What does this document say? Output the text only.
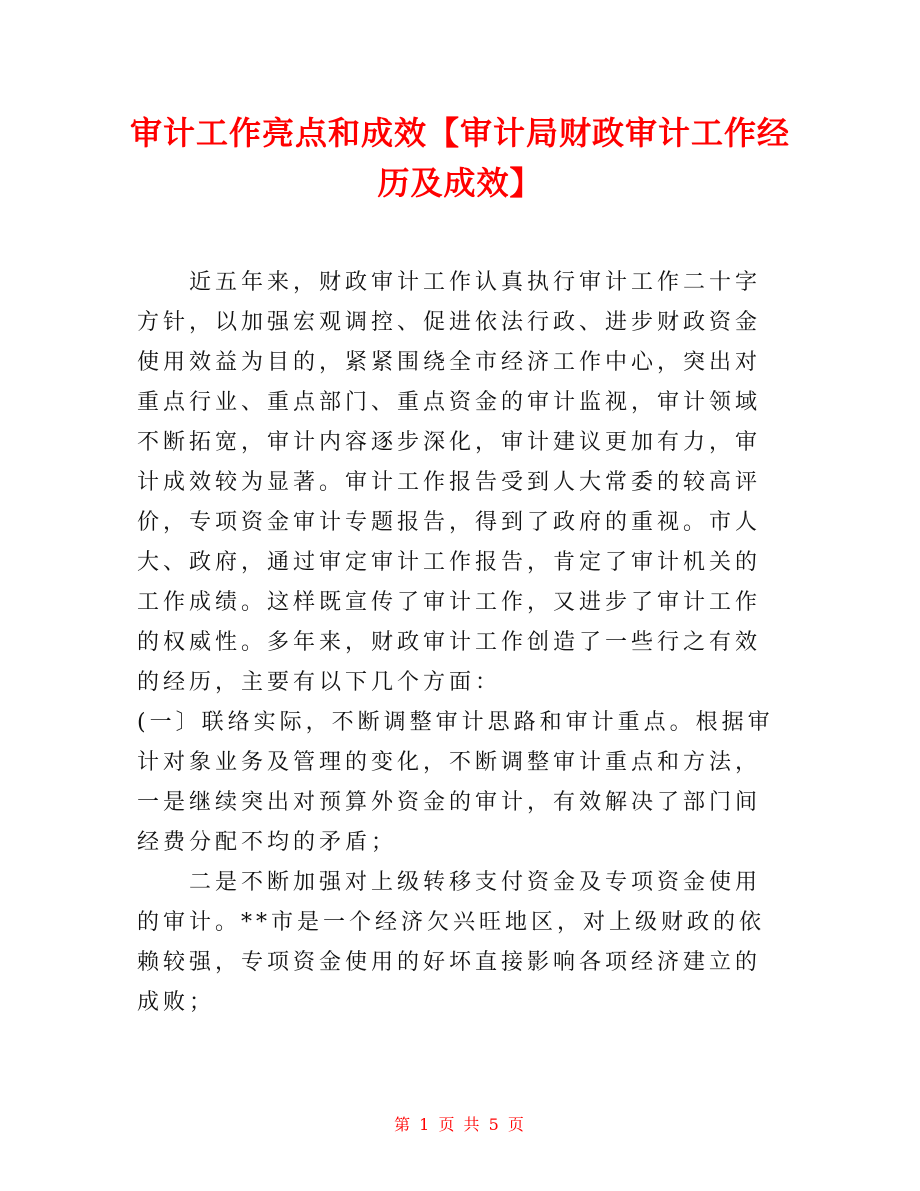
审计工作亮点和成效【审计局财政审计工作经历及成效】

近五年来，财政审计工作认真执行审计工作二十字方针，以加强宏观调控、促进依法行政、进步财政资金使用效益为目的，紧紧围绕全市经济工作中心，突出对重点行业、重点部门、重点资金的审计监视，审计领域不断拓宽，审计内容逐步深化，审计建议更加有力，审计成效较为显著。审计工作报告受到人大常委的较高评价，专项资金审计专题报告，得到了政府的重视。市人大、政府，通过审定审计工作报告，肯定了审计机关的工作成绩。这样既宣传了审计工作，又进步了审计工作的权威性。多年来，财政审计工作创造了一些行之有效的经历，主要有以下几个方面：

(一〕联络实际，不断调整审计思路和审计重点。根据审计对象业务及管理的变化，不断调整审计重点和方法，一是继续突出对预算外资金的审计，有效解决了部门间经费分配不均的矛盾；

二是不断加强对上级转移支付资金及专项资金使用的审计。**市是一个经济欠兴旺地区，对上级财政的依赖较强，专项资金使用的好坏直接影响各项经济建立的成败；

第 1 页 共 5 页
